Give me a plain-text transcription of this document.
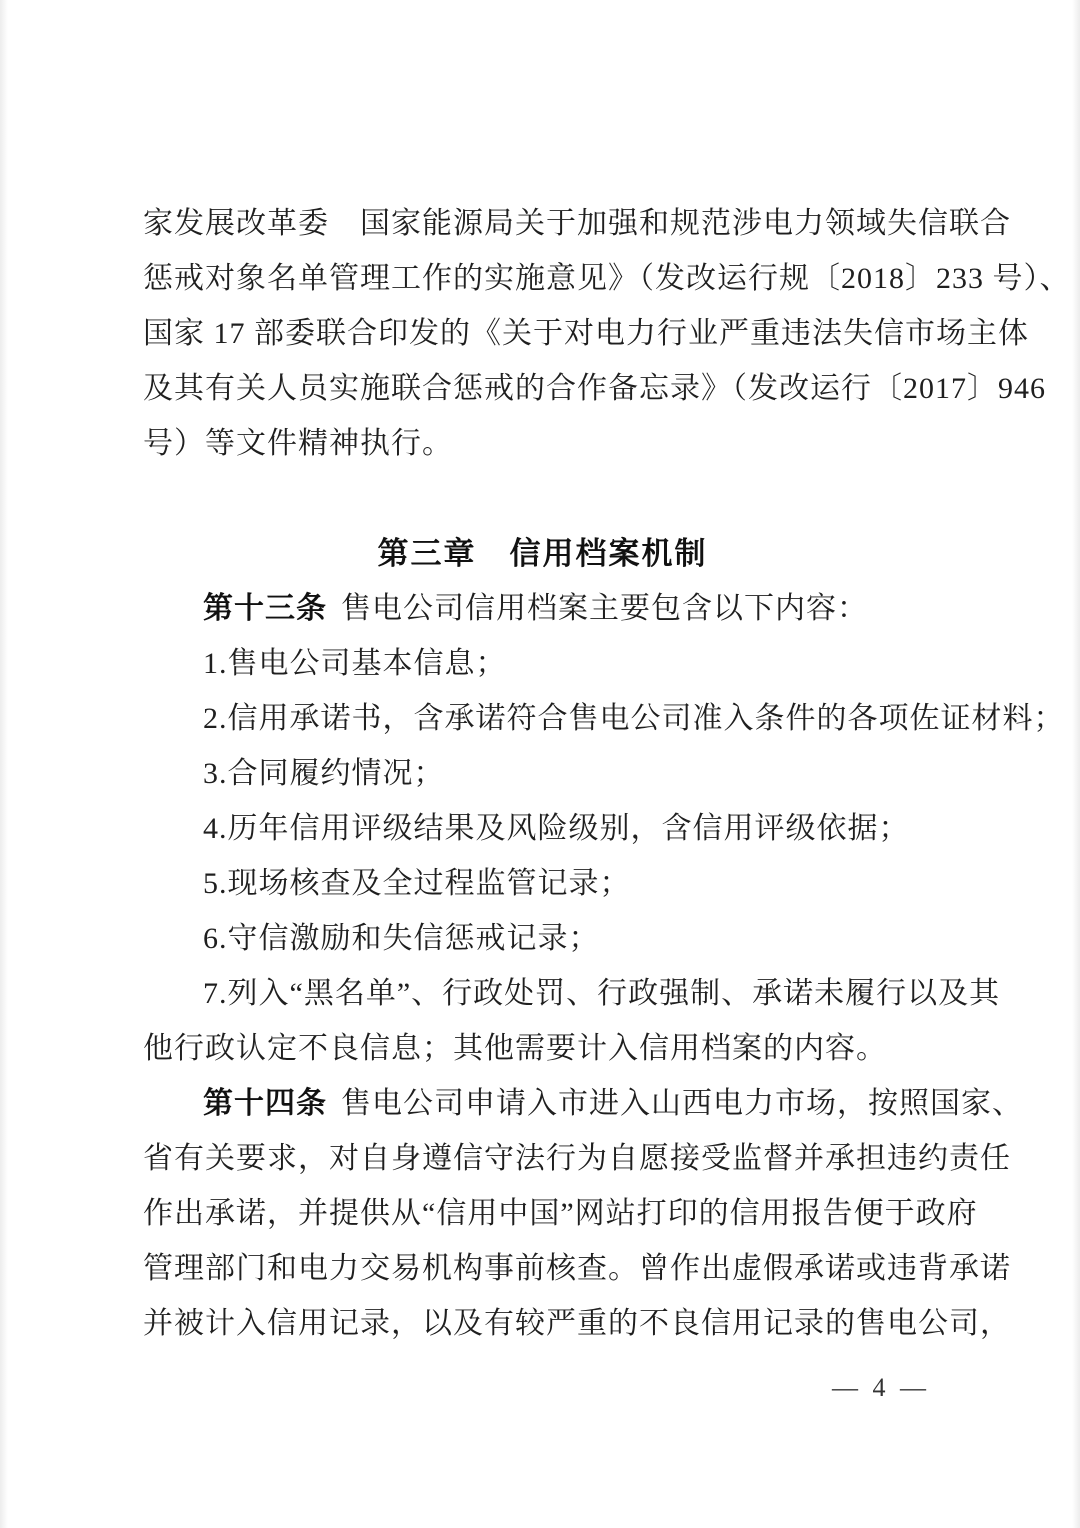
家发展改革委　国家能源局关于加强和规范涉电力领域失信联合
惩戒对象名单管理工作的实施意见》（发改运行规〔2018〕233 号）、
国家 17 部委联合印发的《关于对电力行业严重违法失信市场主体
及其有关人员实施联合惩戒的合作备忘录》（发改运行〔2017〕946
号）等文件精神执行。
第三章　信用档案机制
第十三条 售电公司信用档案主要包含以下内容：
1.售电公司基本信息；
2.信用承诺书，含承诺符合售电公司准入条件的各项佐证材料；
3.合同履约情况；
4.历年信用评级结果及风险级别，含信用评级依据；
5.现场核查及全过程监管记录；
6.守信激励和失信惩戒记录；
7.列入“黑名单”、行政处罚、行政强制、承诺未履行以及其
他行政认定不良信息；其他需要计入信用档案的内容。
第十四条 售电公司申请入市进入山西电力市场，按照国家、
省有关要求，对自身遵信守法行为自愿接受监督并承担违约责任
作出承诺，并提供从“信用中国”网站打印的信用报告便于政府
管理部门和电力交易机构事前核查。曾作出虚假承诺或违背承诺
并被计入信用记录，以及有较严重的不良信用记录的售电公司，
— 4 —
